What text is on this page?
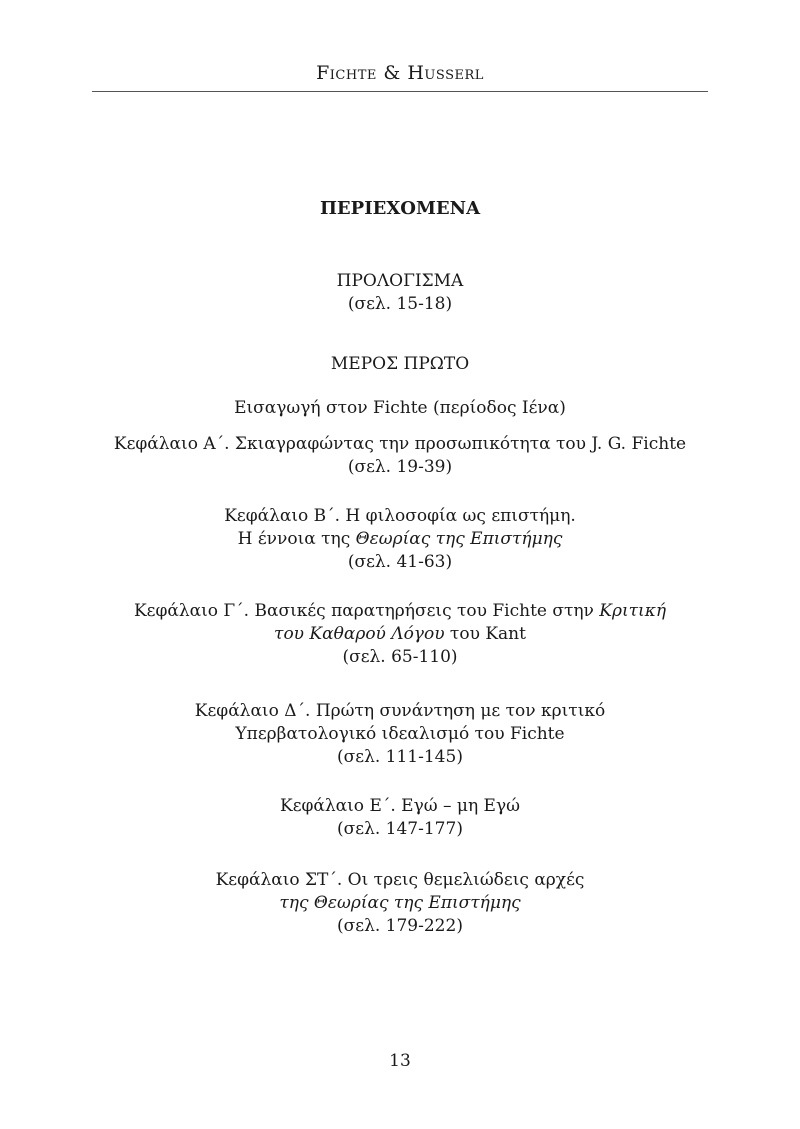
Fichte & Husserl
ΠΕΡΙΕΧΟΜΕΝΑ
ΠΡΟΛΟΓΙΣΜΑ
(σελ. 15-18)
ΜΕΡΟΣ ΠΡΩΤΟ
Εισαγωγή στον Fichte (περίοδος Ιένα)
Κεφάλαιο Α΄. Σκιαγραφώντας την προσωπικότητα του J. G. Fichte
(σελ. 19-39)
Κεφάλαιο Β΄. Η φιλοσοφία ως επιστήμη.
Η έννοια της Θεωρίας της Επιστήμης
(σελ. 41-63)
Κεφάλαιο Γ΄. Βασικές παρατηρήσεις του Fichte στην Κριτική
του Καθαρού Λόγου του Kant
(σελ. 65-110)
Κεφάλαιο Δ΄. Πρώτη συνάντηση με τον κριτικό
Υπερβατολογικό ιδεαλισμό του Fichte
(σελ. 111-145)
Κεφάλαιο Ε΄. Εγώ – μη Εγώ
(σελ. 147-177)
Κεφάλαιο ΣΤ΄. Οι τρεις θεμελιώδεις αρχές
της Θεωρίας της Επιστήμης
(σελ. 179-222)
13
